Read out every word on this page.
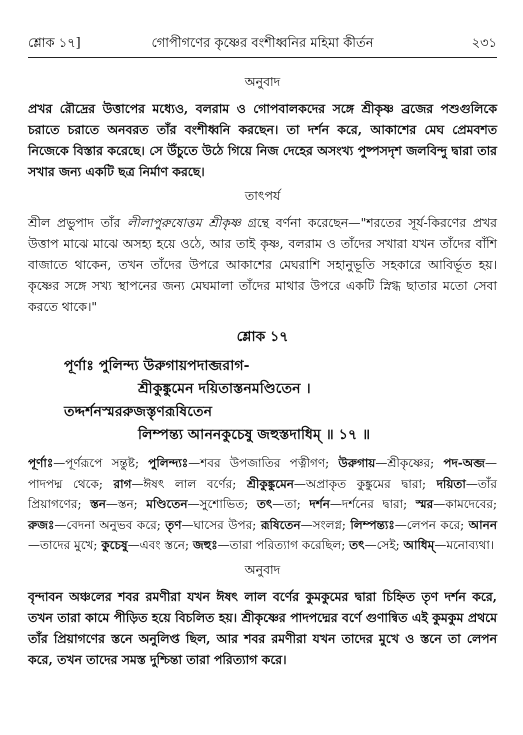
শ্লোক ১৭]	গোপীগণের কৃষ্ণের বংশীধ্বনির মহিমা কীর্তন	২৩১
অনুবাদ

প্রখর রৌদ্রের উত্তাপের মধ্যেও, বলরাম ও গোপবালকদের সঙ্গে শ্রীকৃষ্ণ ব্রজের পশুগুলিকে চরাতে চরাতে অনবরত তাঁর বংশীধ্বনি করছেন। তা দর্শন করে, আকাশের মেঘ প্রেমবশত নিজেকে বিস্তার করেছে। সে উঁচুতে উঠে গিয়ে নিজ দেহের অসংখ্য পুষ্পসদৃশ জলবিন্দু দ্বারা তার সখার জন্য একটি ছত্র নির্মাণ করছে।

তাৎপর্য

শ্রীল প্রভুপাদ তাঁর লীলাপুরুষোত্তম শ্রীকৃষ্ণ গ্রন্থে বর্ণনা করেছেন—"শরতের সূর্য-কিরণের প্রখর উত্তাপ মাঝে মাঝে অসহ্য হয়ে ওঠে, আর তাই কৃষ্ণ, বলরাম ও তাঁদের সখারা যখন তাঁদের বাঁশি বাজাতে থাকেন, তখন তাঁদের উপরে আকাশের মেঘরাশি সহানুভূতি সহকারে আবির্ভূত হয়। কৃষ্ণের সঙ্গে সখ্য স্থাপনের জন্য মেঘমালা তাঁদের মাথার উপরে একটি স্নিগ্ধ ছাতার মতো সেবা করতে থাকে।"

শ্লোক ১৭
পূর্ণাঃ পুলিন্দ্য উরুগায়পদাব্জরাগ-
শ্রীকুঙ্কুমেন দয়িতাস্তনমণ্ডিতেন ।
তদ্দর্শনস্মররুজস্তৃণরূষিতেন
লিম্পন্ত্য আননকুচেষু জহুস্তদাধিম্ ॥ ১৭ ॥
পূর্ণাঃ—পূর্ণরূপে সন্তুষ্ট; পুলিন্দ্যঃ—শবর উপজাতির পত্নীগণ; উরুগায়—শ্রীকৃষ্ণের; পদ-অব্জ—পাদপদ্ম থেকে; রাগ—ঈষৎ লাল বর্ণের; শ্রীকুঙ্কুমেন—অপ্রাকৃত কুঙ্কুমের দ্বারা; দয়িতা—তাঁর প্রিয়াগণের; স্তন—স্তন; মণ্ডিতেন—সুশোভিত; তৎ—তা; দর্শন—দর্শনের দ্বারা; স্মর—কামদেবের; রুজঃ—বেদনা অনুভব করে; তৃণ—ঘাসের উপর; রূষিতেন—সংলগ্ন; লিম্পন্ত্যঃ—লেপন করে; আনন—তাদের মুখে; কুচেষু—এবং স্তনে; জহুঃ—তারা পরিত্যাগ করেছিল; তৎ—সেই; আধিম্—মনোব্যথা।
অনুবাদ

বৃন্দাবন অঞ্চলের শবর রমণীরা যখন ঈষৎ লাল বর্ণের কুমকুমের দ্বারা চিহ্নিত তৃণ দর্শন করে, তখন তারা কামে পীড়িত হয়ে বিচলিত হয়। শ্রীকৃষ্ণের পাদপদ্মের বর্ণে গুণান্বিত এই কুমকুম প্রথমে তাঁর প্রিয়াগণের স্তনে অনুলিপ্ত ছিল, আর শবর রমণীরা যখন তাদের মুখে ও স্তনে তা লেপন করে, তখন তাদের সমস্ত দুশ্চিন্তা তারা পরিত্যাগ করে।
